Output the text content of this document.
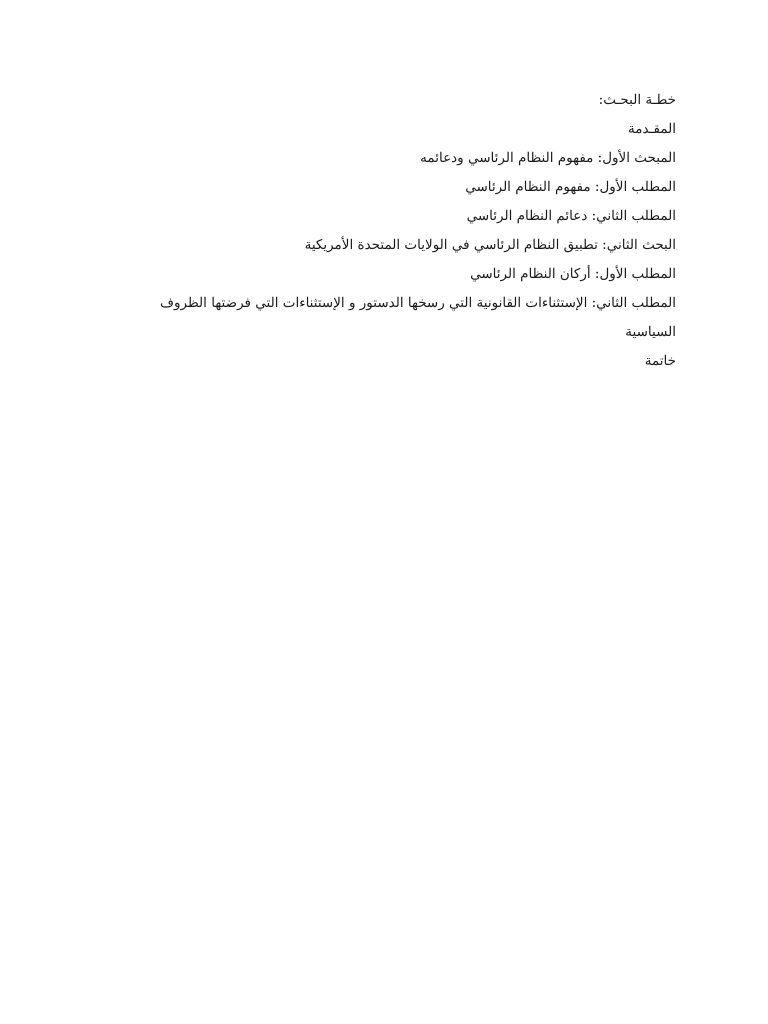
خطـة البحـث:
المقـدمة
المبحث الأول: مفهوم النظام الرئاسي ودعائمه
المطلب الأول: مفهوم النظام الرئاسي
المطلب الثاني: دعائم النظام الرئاسي
البحث الثاني: تطبيق النظام الرئاسي في الولايات المتحدة الأمريكية
المطلب الأول: أركان النظام الرئاسي
المطلب الثاني: الإستثناءات القانونية التي رسخها الدستور و الإستثناءات التي فرضتها الظروف
السياسية
خاتمة
